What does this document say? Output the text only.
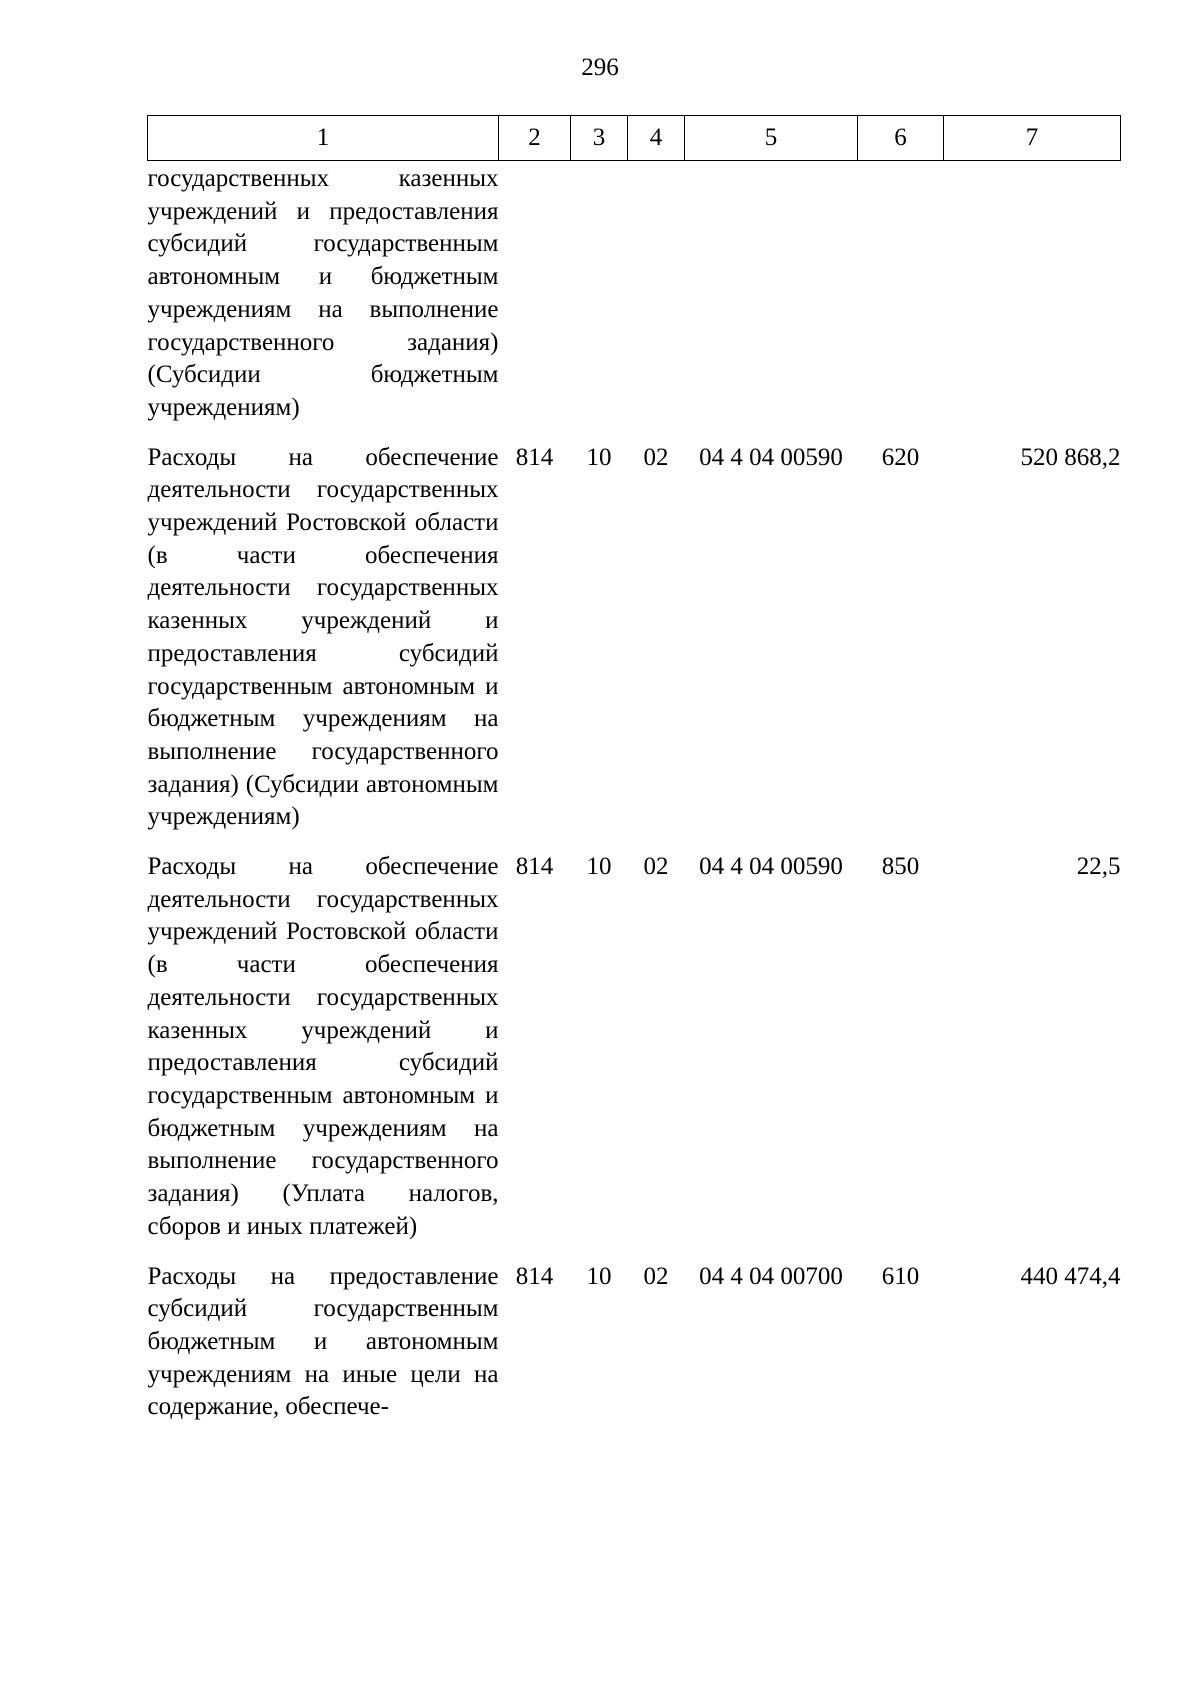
296
1	2	3	4	5	6	7
государственных казенных учреждений и предоставления субсидий государственным автономным и бюджетным учреждениям на выполнение государственного задания) (Субсидии бюджетным учреждениям)						
Расходы на обеспечение деятельности государственных учреждений Ростовской области (в части обеспечения деятельности государственных казенных учреждений и предоставления субсидий государственным автономным и бюджетным учреждениям на выполнение государственного задания) (Субсидии автономным учреждениям)	814	10	02	04 4 04 00590	620	520 868,2
Расходы на обеспечение деятельности государственных учреждений Ростовской области (в части обеспечения деятельности государственных казенных учреждений и предоставления субсидий государственным автономным и бюджетным учреждениям на выполнение государственного задания) (Уплата налогов, сборов и иных платежей)	814	10	02	04 4 04 00590	850	22,5
Расходы на предоставление субсидий государственным бюджетным и автономным учреждениям на иные цели на содержание, обеспече-	814	10	02	04 4 04 00700	610	440 474,4
